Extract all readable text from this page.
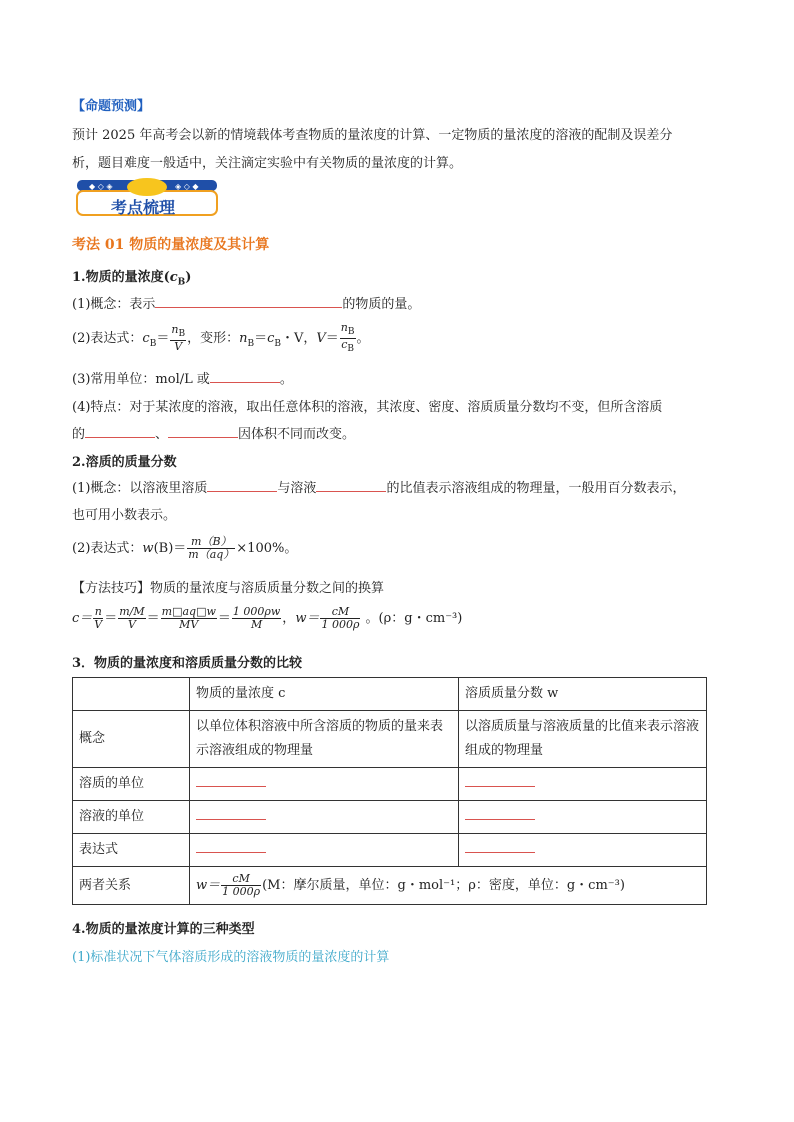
【命题预测】
预计 2025 年高考会以新的情境载体考查物质的量浓度的计算、一定物质的量浓度的溶液的配制及误差分
析，题目难度一般适中，关注滴定实验中有关物质的量浓度的计算。
◆ ◇ ◈	◈ ◇ ◆
考点梳理
考法 01 物质的量浓度及其计算
1.物质的量浓度$(c_B)$
(1)概念：表示	的物质的量。
(2)表达式：$c_B= \frac{n_B}{V}$ ，变形：$n_B=c_B$・V，$V= \frac{n_B}{c_B}$ 。
(3)常用单位：mol/L 或	。
(4)特点：对于某浓度的溶液，取出任意体积的溶液，其浓度、密度、溶质质量分数均不变，但所含溶质
的	、	因体积不同而改变。
2.溶质的质量分数
(1)概念：以溶液里溶质	与溶液	的比值表示溶液组成的物理量，一般用百分数表示，
也可用小数表示。
(2)表达式：$w(B)= \frac{m(B)}{m(aq)} \times 100\%$。
【方法技巧】物质的量浓度与溶质质量分数之间的换算
$c= \frac{n}{V} = \frac{m/M}{V} = \frac{m□aq□w}{MV} = \frac{1 000\rho w}{M}$ ，$w= \frac{cM}{1 000\rho}$ 。(ρ：g・cm⁻³)
3．物质的量浓度和溶质质量分数的比较
	物质的量浓度 c	溶质质量分数 w
概念	以单位体积溶液中所含溶质的物质的量来表示溶液组成的物理量	以溶质质量与溶液质量的比值来表示溶液组成的物理量
溶质的单位		
溶液的单位		
表达式		
两者关系	$w= \frac{cM}{1 000\rho} (M$：摩尔质量，单位：g・mol⁻¹；ρ：密度，单位：g・cm⁻³)	
4.物质的量浓度计算的三种类型
(1)标准状况下气体溶质形成的溶液物质的量浓度的计算
